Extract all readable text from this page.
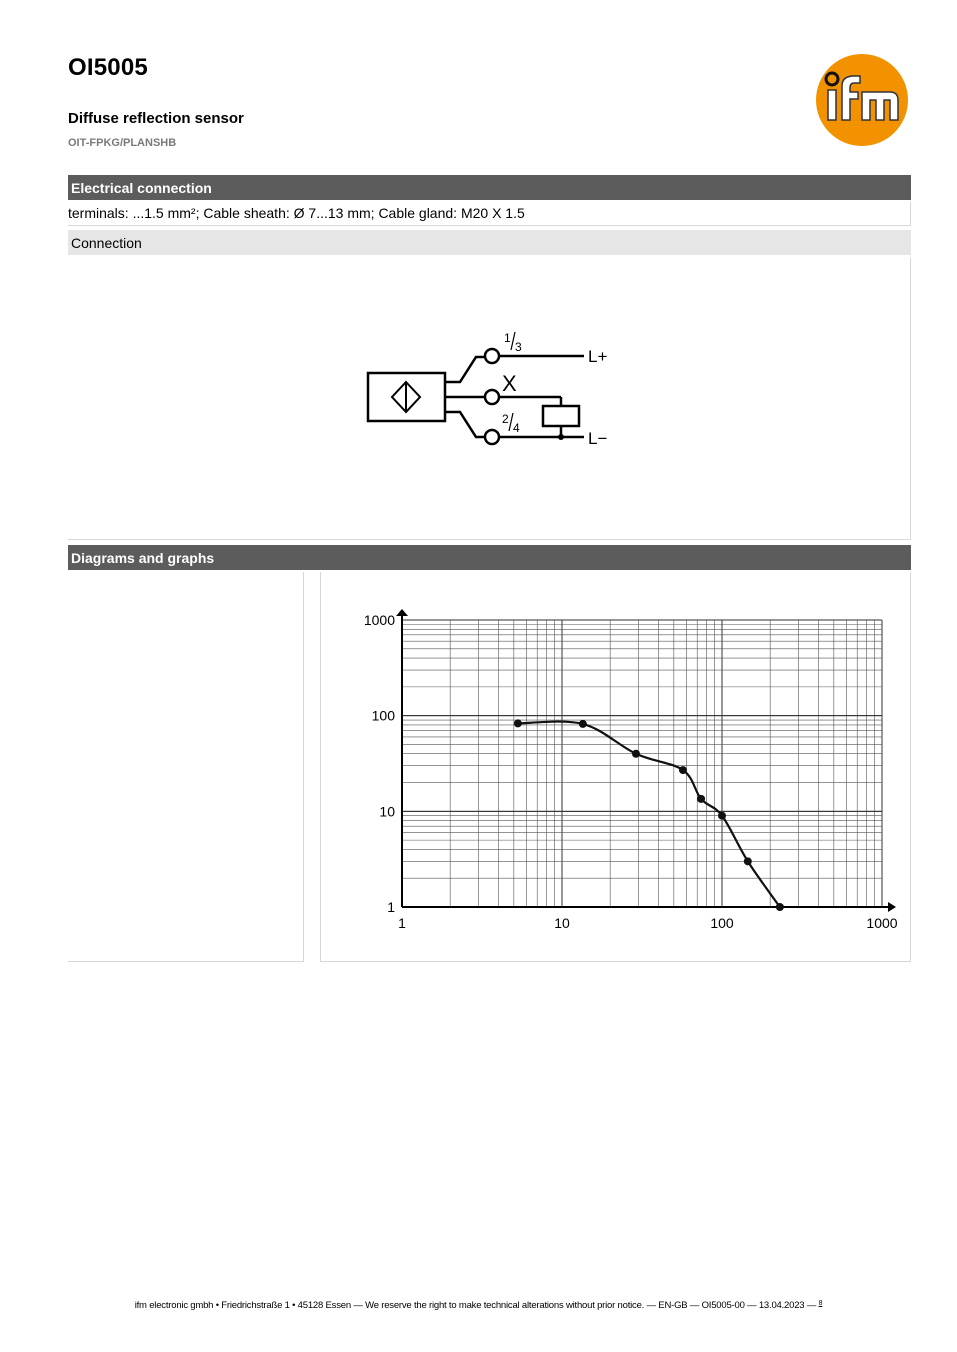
OI5005
Diffuse reflection sensor
OIT-FPKG/PLANSHB
Electrical connection
terminals: ...1.5 mm²; Cable sheath: Ø 7...13 mm; Cable gland: M20 X 1.5
Connection
1
3
X
2
4
L+
L−
Diagrams and graphs
1	10	100	1000
1
10
100
1000
ifm electronic gmbh • Friedrichstraße 1 • 45128 Essen — We reserve the right to make technical alterations without prior notice. — EN-GB — OI5005-00 — 13.04.2023 — $^8$
